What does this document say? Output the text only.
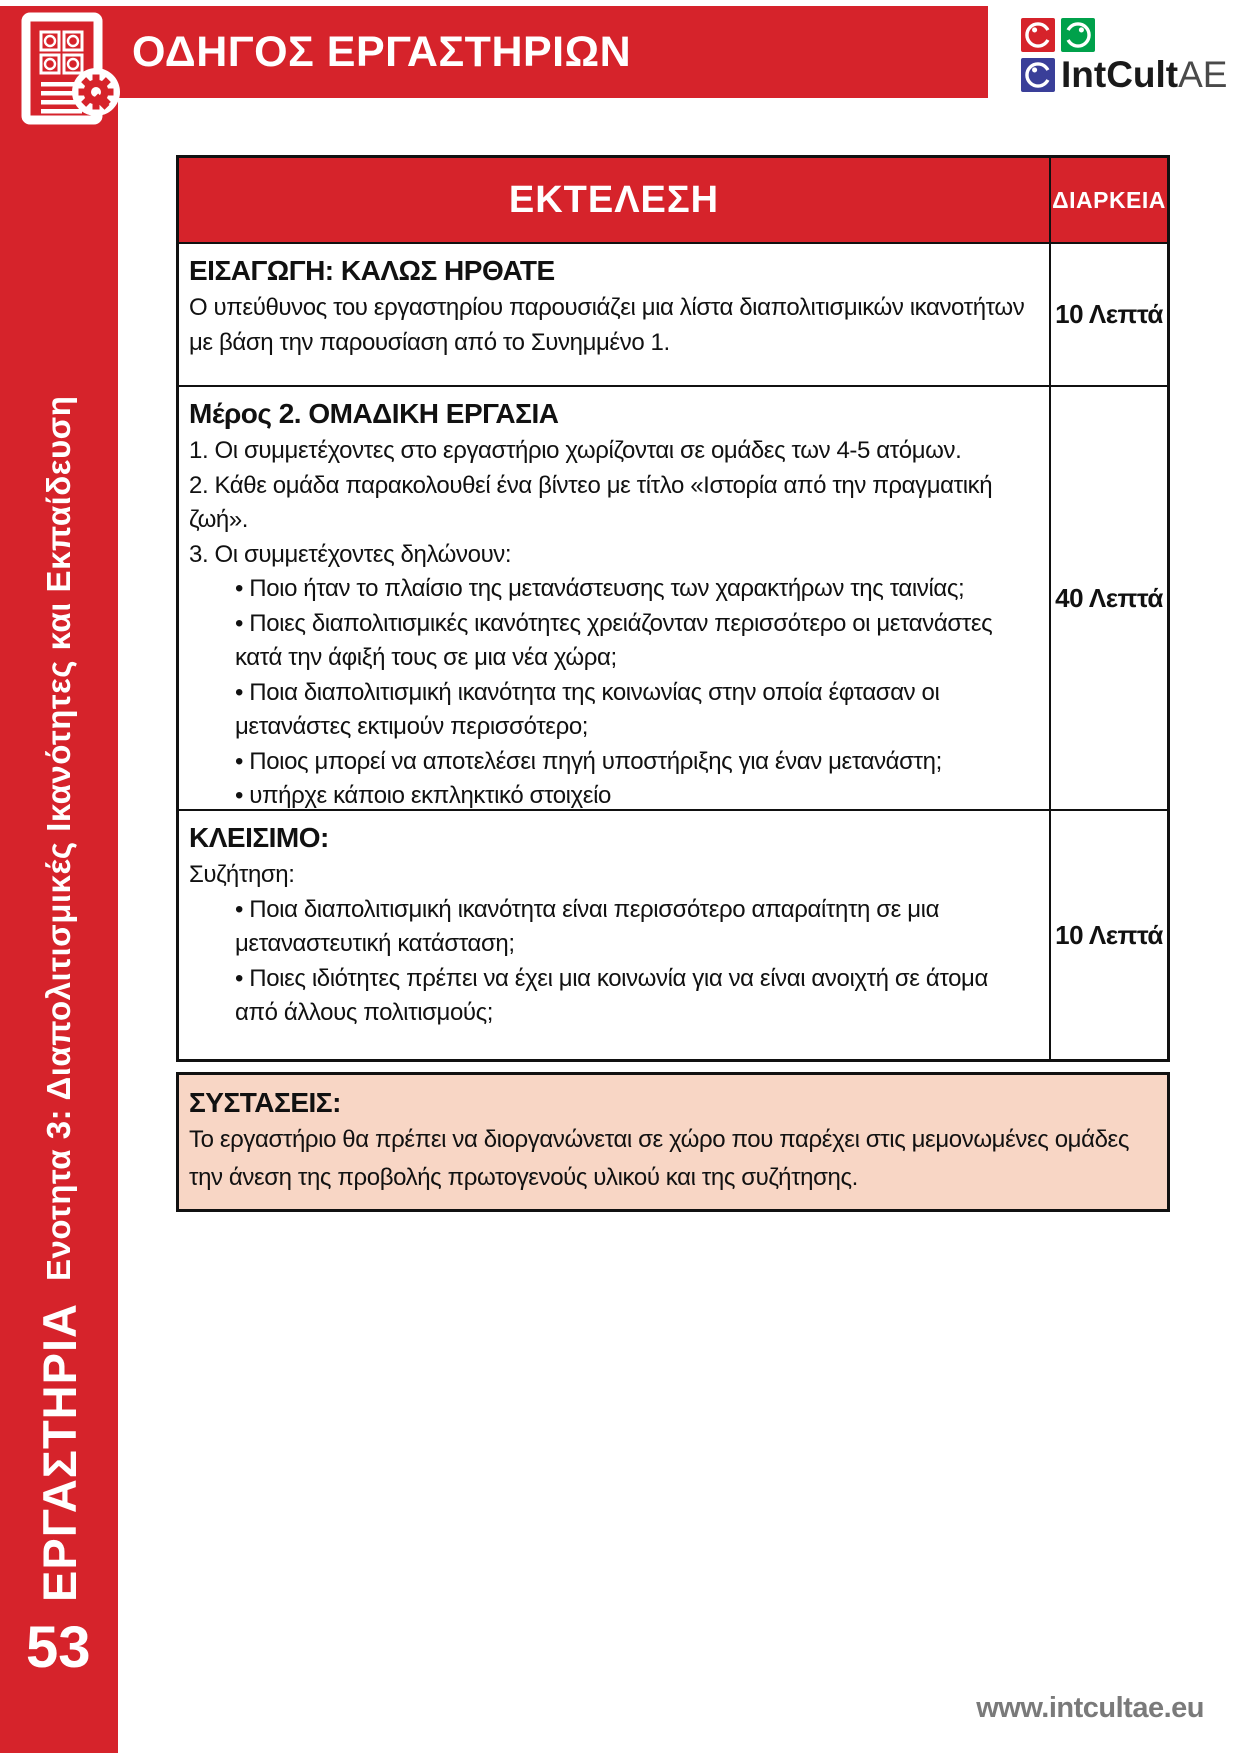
ΕΡΓΑΣΤΗΡΙΑ
Ενοτητα 3: Διαπολιτισμικές Ικανότητες και Εκπαίδευση
53
ΟΔΗΓΟΣ ΕΡΓΑΣΤΗΡΙΩΝ	IntCultAE
ΕΚΤΕΛΕΣΗ	ΔΙΑΡΚΕΙΑ
ΕΙΣΑΓΩΓΗ: ΚΑΛΩΣ ΗΡΘΑΤΕ
Ο υπεύθυνος του εργαστηρίου παρουσιάζει μια λίστα διαπολιτισμικών ικανοτήτων με βάση την παρουσίαση από το Συνημμένο 1.
10 Λεπτά
Μέρος 2. ΟΜΑΔΙΚΗ ΕΡΓΑΣΙΑ
1. Οι συμμετέχοντες στο εργαστήριο χωρίζονται σε ομάδες των 4-5 ατόμων.
2. Κάθε ομάδα παρακολουθεί ένα βίντεο με τίτλο «Ιστορία από την πραγματική ζωή».
3. Οι συμμετέχοντες δηλώνουν:
• Ποιο ήταν το πλαίσιο της μετανάστευσης των χαρακτήρων της ταινίας;
• Ποιες διαπολιτισμικές ικανότητες χρειάζονταν περισσότερο οι μετανάστες κατά την άφιξή τους σε μια νέα χώρα;
• Ποια διαπολιτισμική ικανότητα της κοινωνίας στην οποία έφτασαν οι μετανάστες εκτιμούν περισσότερο;
• Ποιος μπορεί να αποτελέσει πηγή υποστήριξης για έναν μετανάστη;
• υπήρχε κάποιο εκπληκτικό στοιχείο
40 Λεπτά
ΚΛΕΙΣΙΜΟ:
Συζήτηση:
• Ποια διαπολιτισμική ικανότητα είναι περισσότερο απαραίτητη σε μια μεταναστευτική κατάσταση;
• Ποιες ιδιότητες πρέπει να έχει μια κοινωνία για να είναι ανοιχτή σε άτομα από άλλους πολιτισμούς;
10 Λεπτά
ΣΥΣΤΑΣΕΙΣ:
Το εργαστήριο θα πρέπει να διοργανώνεται σε χώρο που παρέχει στις μεμονωμένες ομάδες την άνεση της προβολής πρωτογενούς υλικού και της συζήτησης.
www.intcultae.eu
